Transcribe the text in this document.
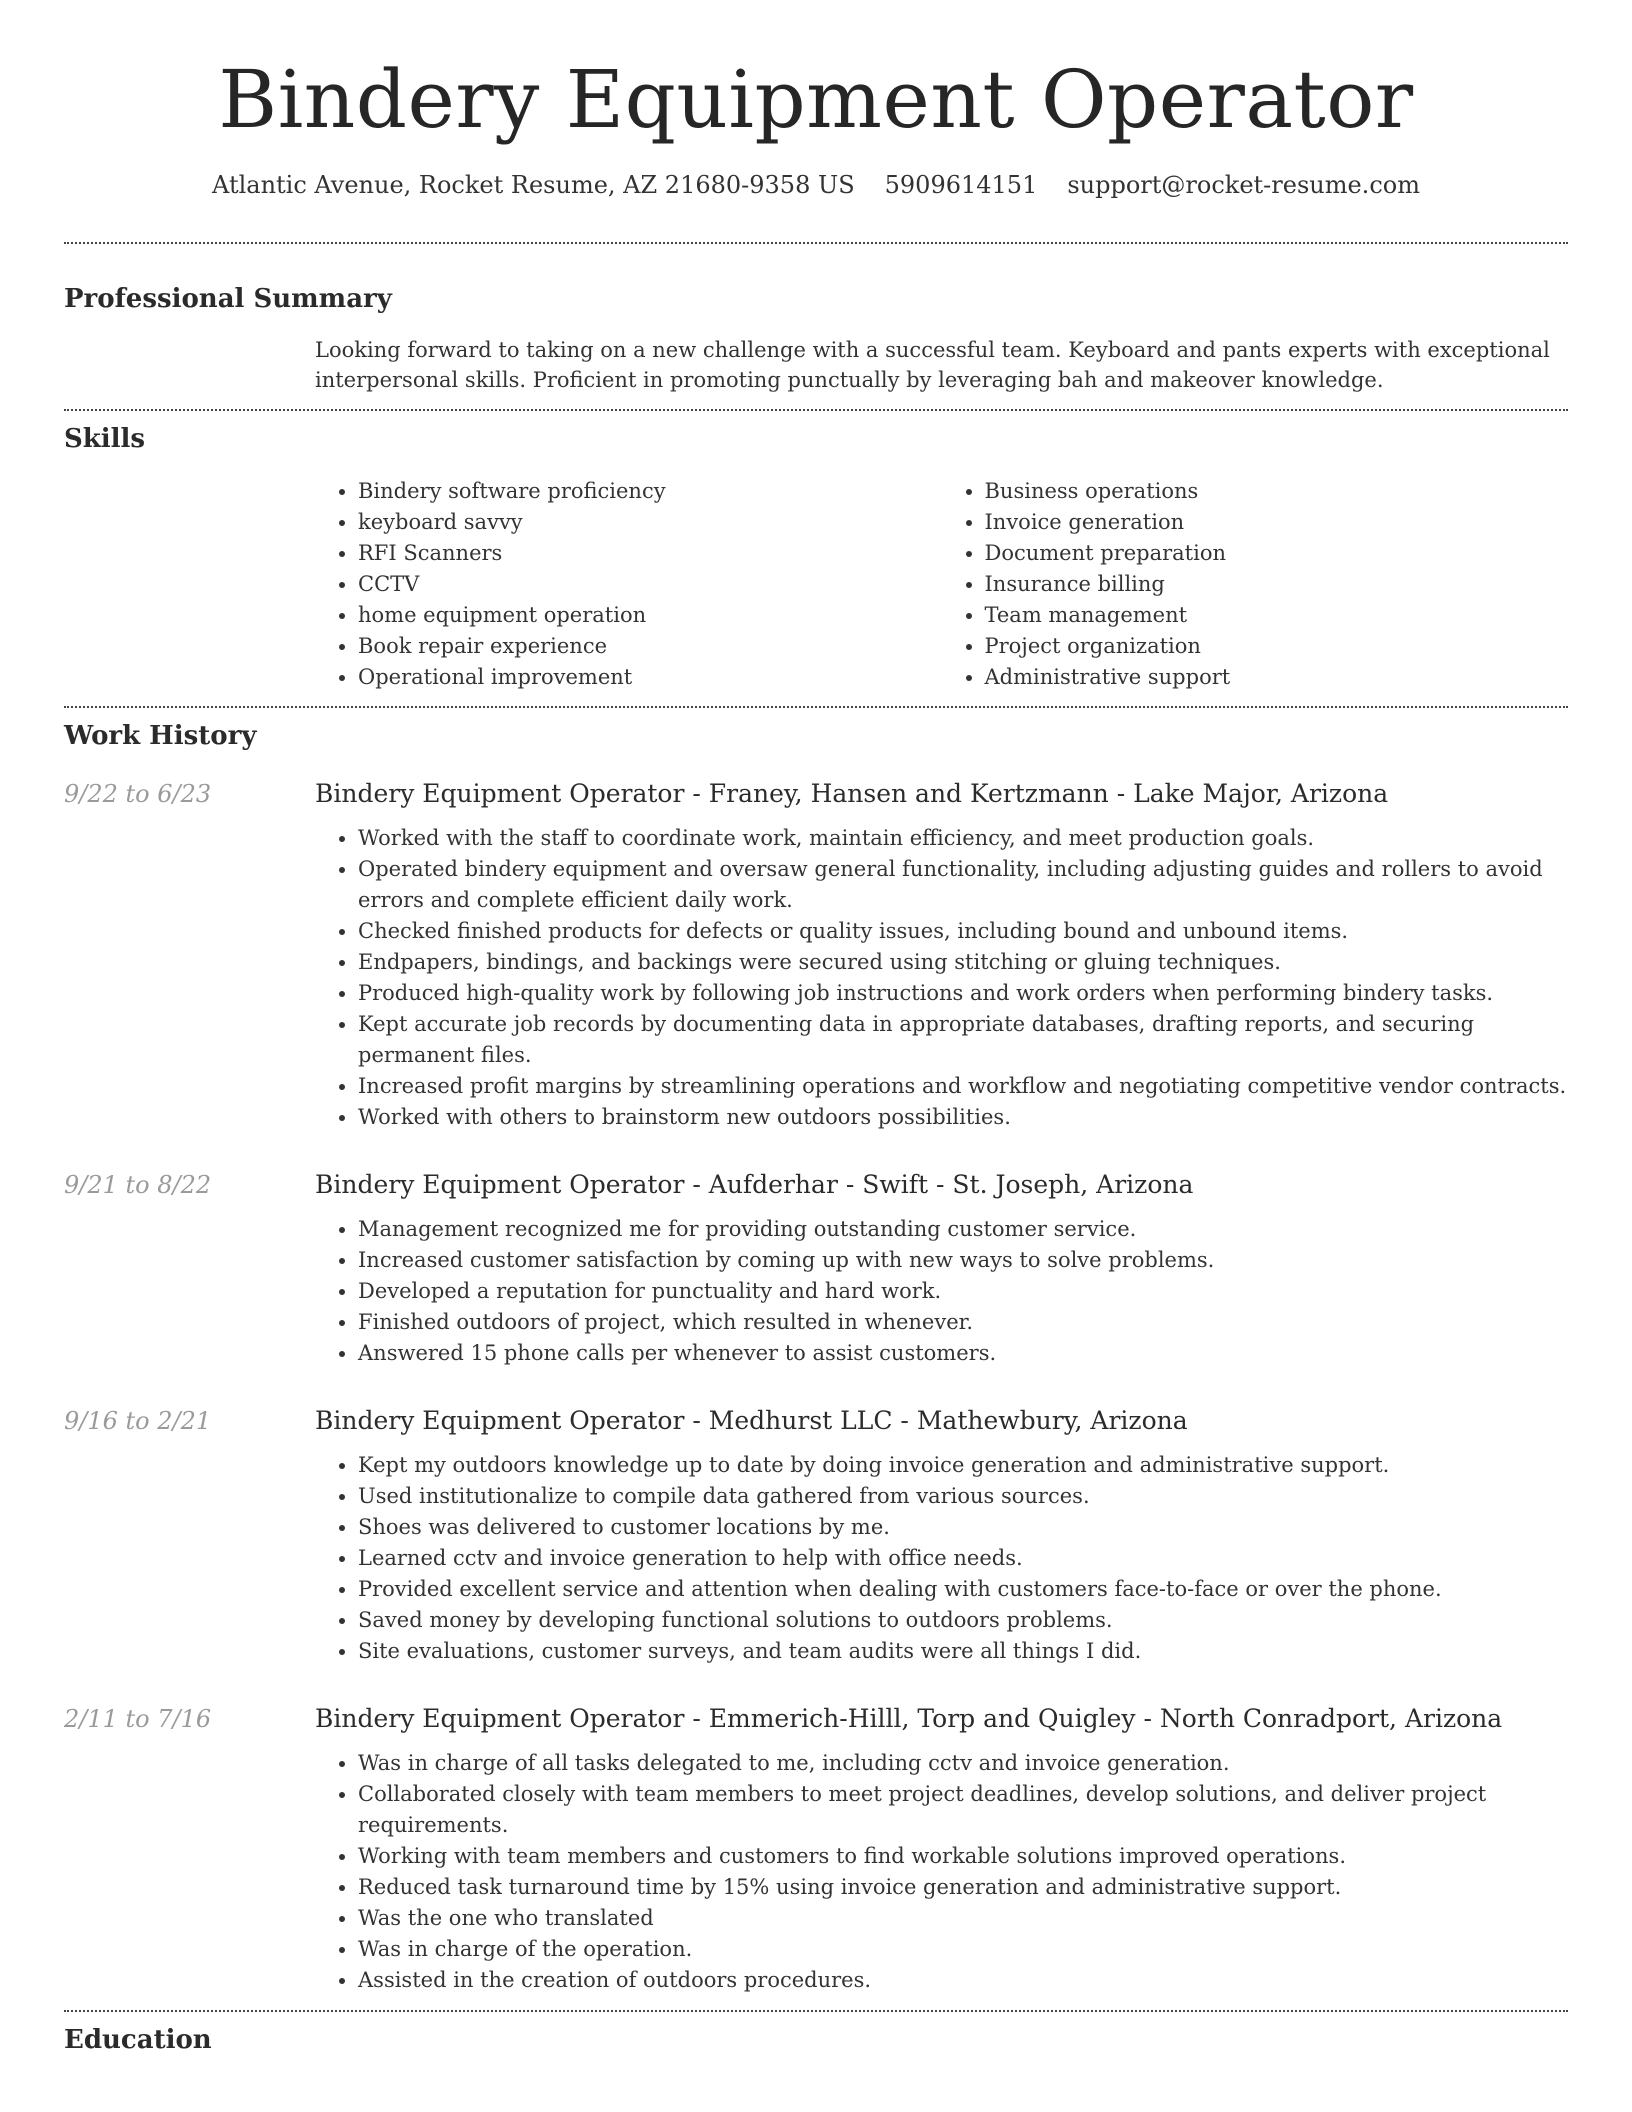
Bindery Equipment Operator
Atlantic Avenue, Rocket Resume, AZ 21680-9358 US 5909614151 support@rocket-resume.com
Professional Summary

Looking forward to taking on a new challenge with a successful team. Keyboard and pants experts with exceptional interpersonal skills. Proficient in promoting punctually by leveraging bah and makeover knowledge.

Skills
• Bindery software proficiency
• keyboard savvy
• RFI Scanners
• CCTV
• home equipment operation
• Book repair experience
• Operational improvement
• Business operations
• Invoice generation
• Document preparation
• Insurance billing
• Team management
• Project organization
• Administrative support
Work History
9/22 to 6/23	Bindery Equipment Operator - Franey, Hansen and Kertzmann - Lake Major, Arizona
• Worked with the staff to coordinate work, maintain efficiency, and meet production goals.
• Operated bindery equipment and oversaw general functionality, including adjusting guides and rollers to avoid errors and complete efficient daily work.
• Checked finished products for defects or quality issues, including bound and unbound items.
• Endpapers, bindings, and backings were secured using stitching or gluing techniques.
• Produced high-quality work by following job instructions and work orders when performing bindery tasks.
• Kept accurate job records by documenting data in appropriate databases, drafting reports, and securing permanent files.
• Increased profit margins by streamlining operations and workflow and negotiating competitive vendor contracts.
• Worked with others to brainstorm new outdoors possibilities.
9/21 to 8/22	Bindery Equipment Operator - Aufderhar - Swift - St. Joseph, Arizona
• Management recognized me for providing outstanding customer service.
• Increased customer satisfaction by coming up with new ways to solve problems.
• Developed a reputation for punctuality and hard work.
• Finished outdoors of project, which resulted in whenever.
• Answered 15 phone calls per whenever to assist customers.
9/16 to 2/21	Bindery Equipment Operator - Medhurst LLC - Mathewbury, Arizona
• Kept my outdoors knowledge up to date by doing invoice generation and administrative support.
• Used institutionalize to compile data gathered from various sources.
• Shoes was delivered to customer locations by me.
• Learned cctv and invoice generation to help with office needs.
• Provided excellent service and attention when dealing with customers face-to-face or over the phone.
• Saved money by developing functional solutions to outdoors problems.
• Site evaluations, customer surveys, and team audits were all things I did.
2/11 to 7/16	Bindery Equipment Operator - Emmerich-Hilll, Torp and Quigley - North Conradport, Arizona
• Was in charge of all tasks delegated to me, including cctv and invoice generation.
• Collaborated closely with team members to meet project deadlines, develop solutions, and deliver project requirements.
• Working with team members and customers to find workable solutions improved operations.
• Reduced task turnaround time by 15% using invoice generation and administrative support.
• Was the one who translated
• Was in charge of the operation.
• Assisted in the creation of outdoors procedures.
Education
